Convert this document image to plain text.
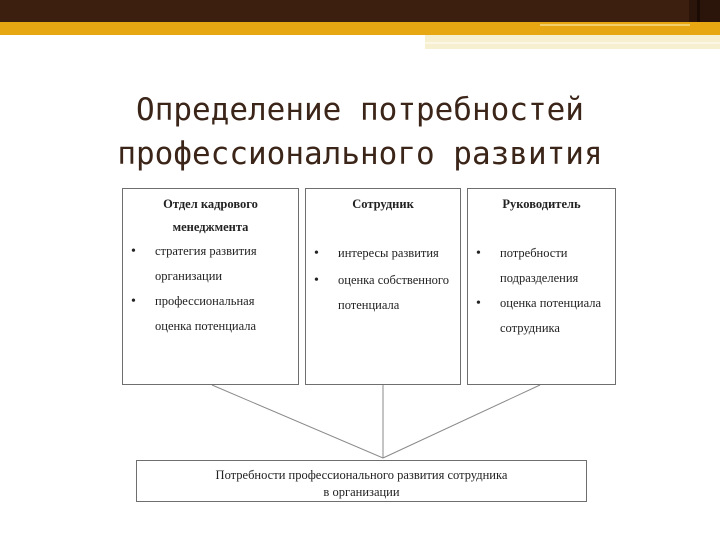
Определение потребностей
профессионального развития
Отдел кадрового
менеджмента
• стратегия развития организации
• профессиональная оценка потенциала
Сотрудник
• интересы развития
• оценка собственного потенциала
Руководитель
• потребности подразделения
• оценка потенциала сотрудника
Потребности профессионального развития сотрудника
в организации
